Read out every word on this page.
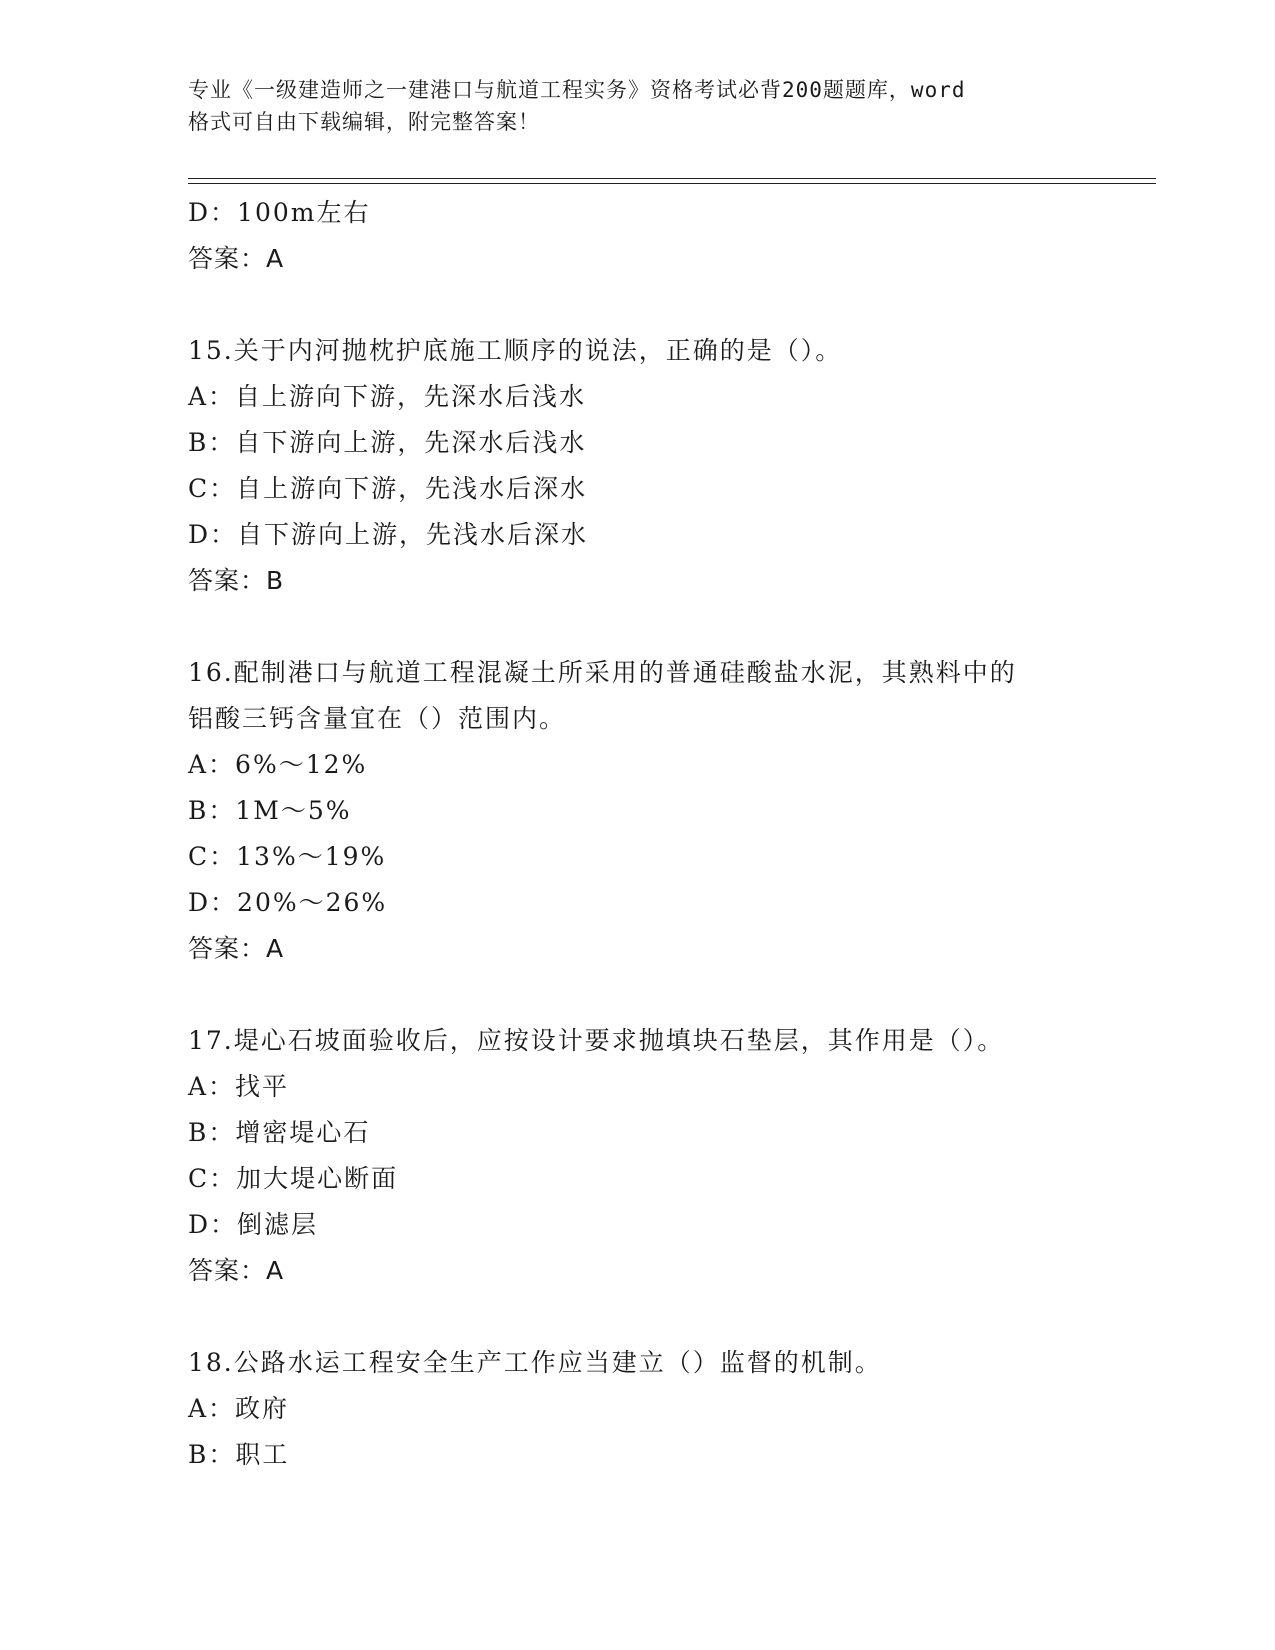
专业《一级建造师之一建港口与航道工程实务》资格考试必背200题题库，word
格式可自由下载编辑，附完整答案！
D：100m左右
答案：A
15.关于内河抛枕护底施工顺序的说法，正确的是（）。
A：自上游向下游，先深水后浅水
B：自下游向上游，先深水后浅水
C：自上游向下游，先浅水后深水
D：自下游向上游，先浅水后深水
答案：B
16.配制港口与航道工程混凝土所采用的普通硅酸盐水泥，其熟料中的
铝酸三钙含量宜在（）范围内。
A：6%～12%
B：1M～5%
C：13%～19%
D：20%～26%
答案：A
17.堤心石坡面验收后，应按设计要求抛填块石垫层，其作用是（）。
A：找平
B：增密堤心石
C：加大堤心断面
D：倒滤层
答案：A
18.公路水运工程安全生产工作应当建立（）监督的机制。
A：政府
B：职工
